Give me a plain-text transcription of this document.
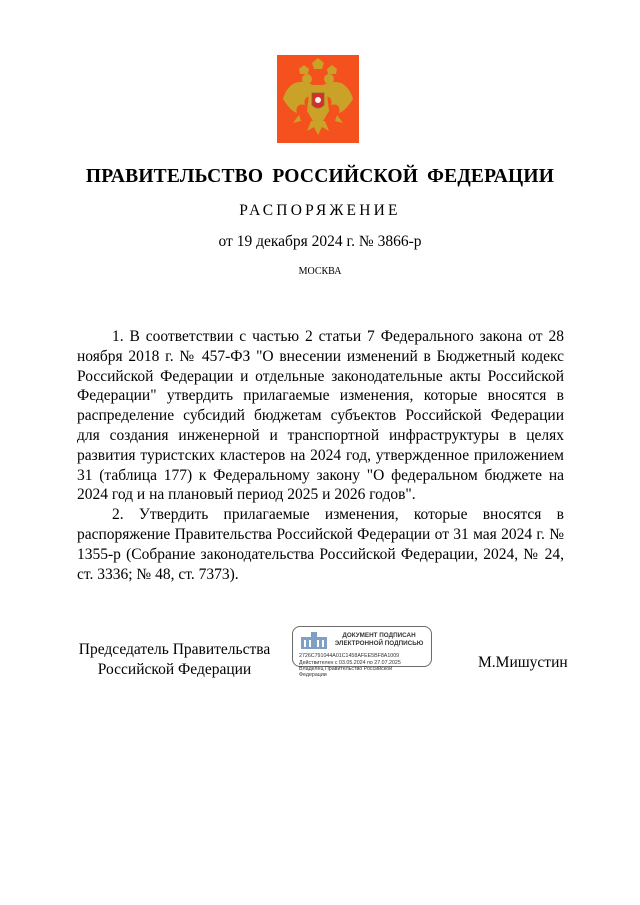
ПРАВИТЕЛЬСТВО РОССИЙСКОЙ ФЕДЕРАЦИИ
РАСПОРЯЖЕНИЕ
от 19 декабря 2024 г. № 3866-р
МОСКВА

1. В соответствии с частью 2 статьи 7 Федерального закона от 28 ноября 2018 г. № 457-ФЗ "О внесении изменений в Бюджетный кодекс Российской Федерации и отдельные законодательные акты Российской Федерации" утвердить прилагаемые изменения, которые вносятся в распределение субсидий бюджетам субъектов Российской Федерации для создания инженерной и транспортной инфраструктуры в целях развития туристских кластеров на 2024 год, утвержденное приложением 31 (таблица 177) к Федеральному закону "О федеральном бюджете на 2024 год и на плановый период 2025 и 2026 годов".

2. Утвердить прилагаемые изменения, которые вносятся в распоряжение Правительства Российской Федерации от 31 мая 2024 г. № 1355-р (Собрание законодательства Российской Федерации, 2024, № 24, ст. 3336; № 48, ст. 7373).

Председатель Правительства
Российской Федерации
ДОКУМЕНТ ПОДПИСАН
ЭЛЕКТРОННОЙ ПОДПИСЬЮ
2726C791044A01C1458AFEE5BF8A1009
Действителен с 03.05.2024 по 27.07.2025
Владелец Правительство Российской
Федерации
М.Мишустин
